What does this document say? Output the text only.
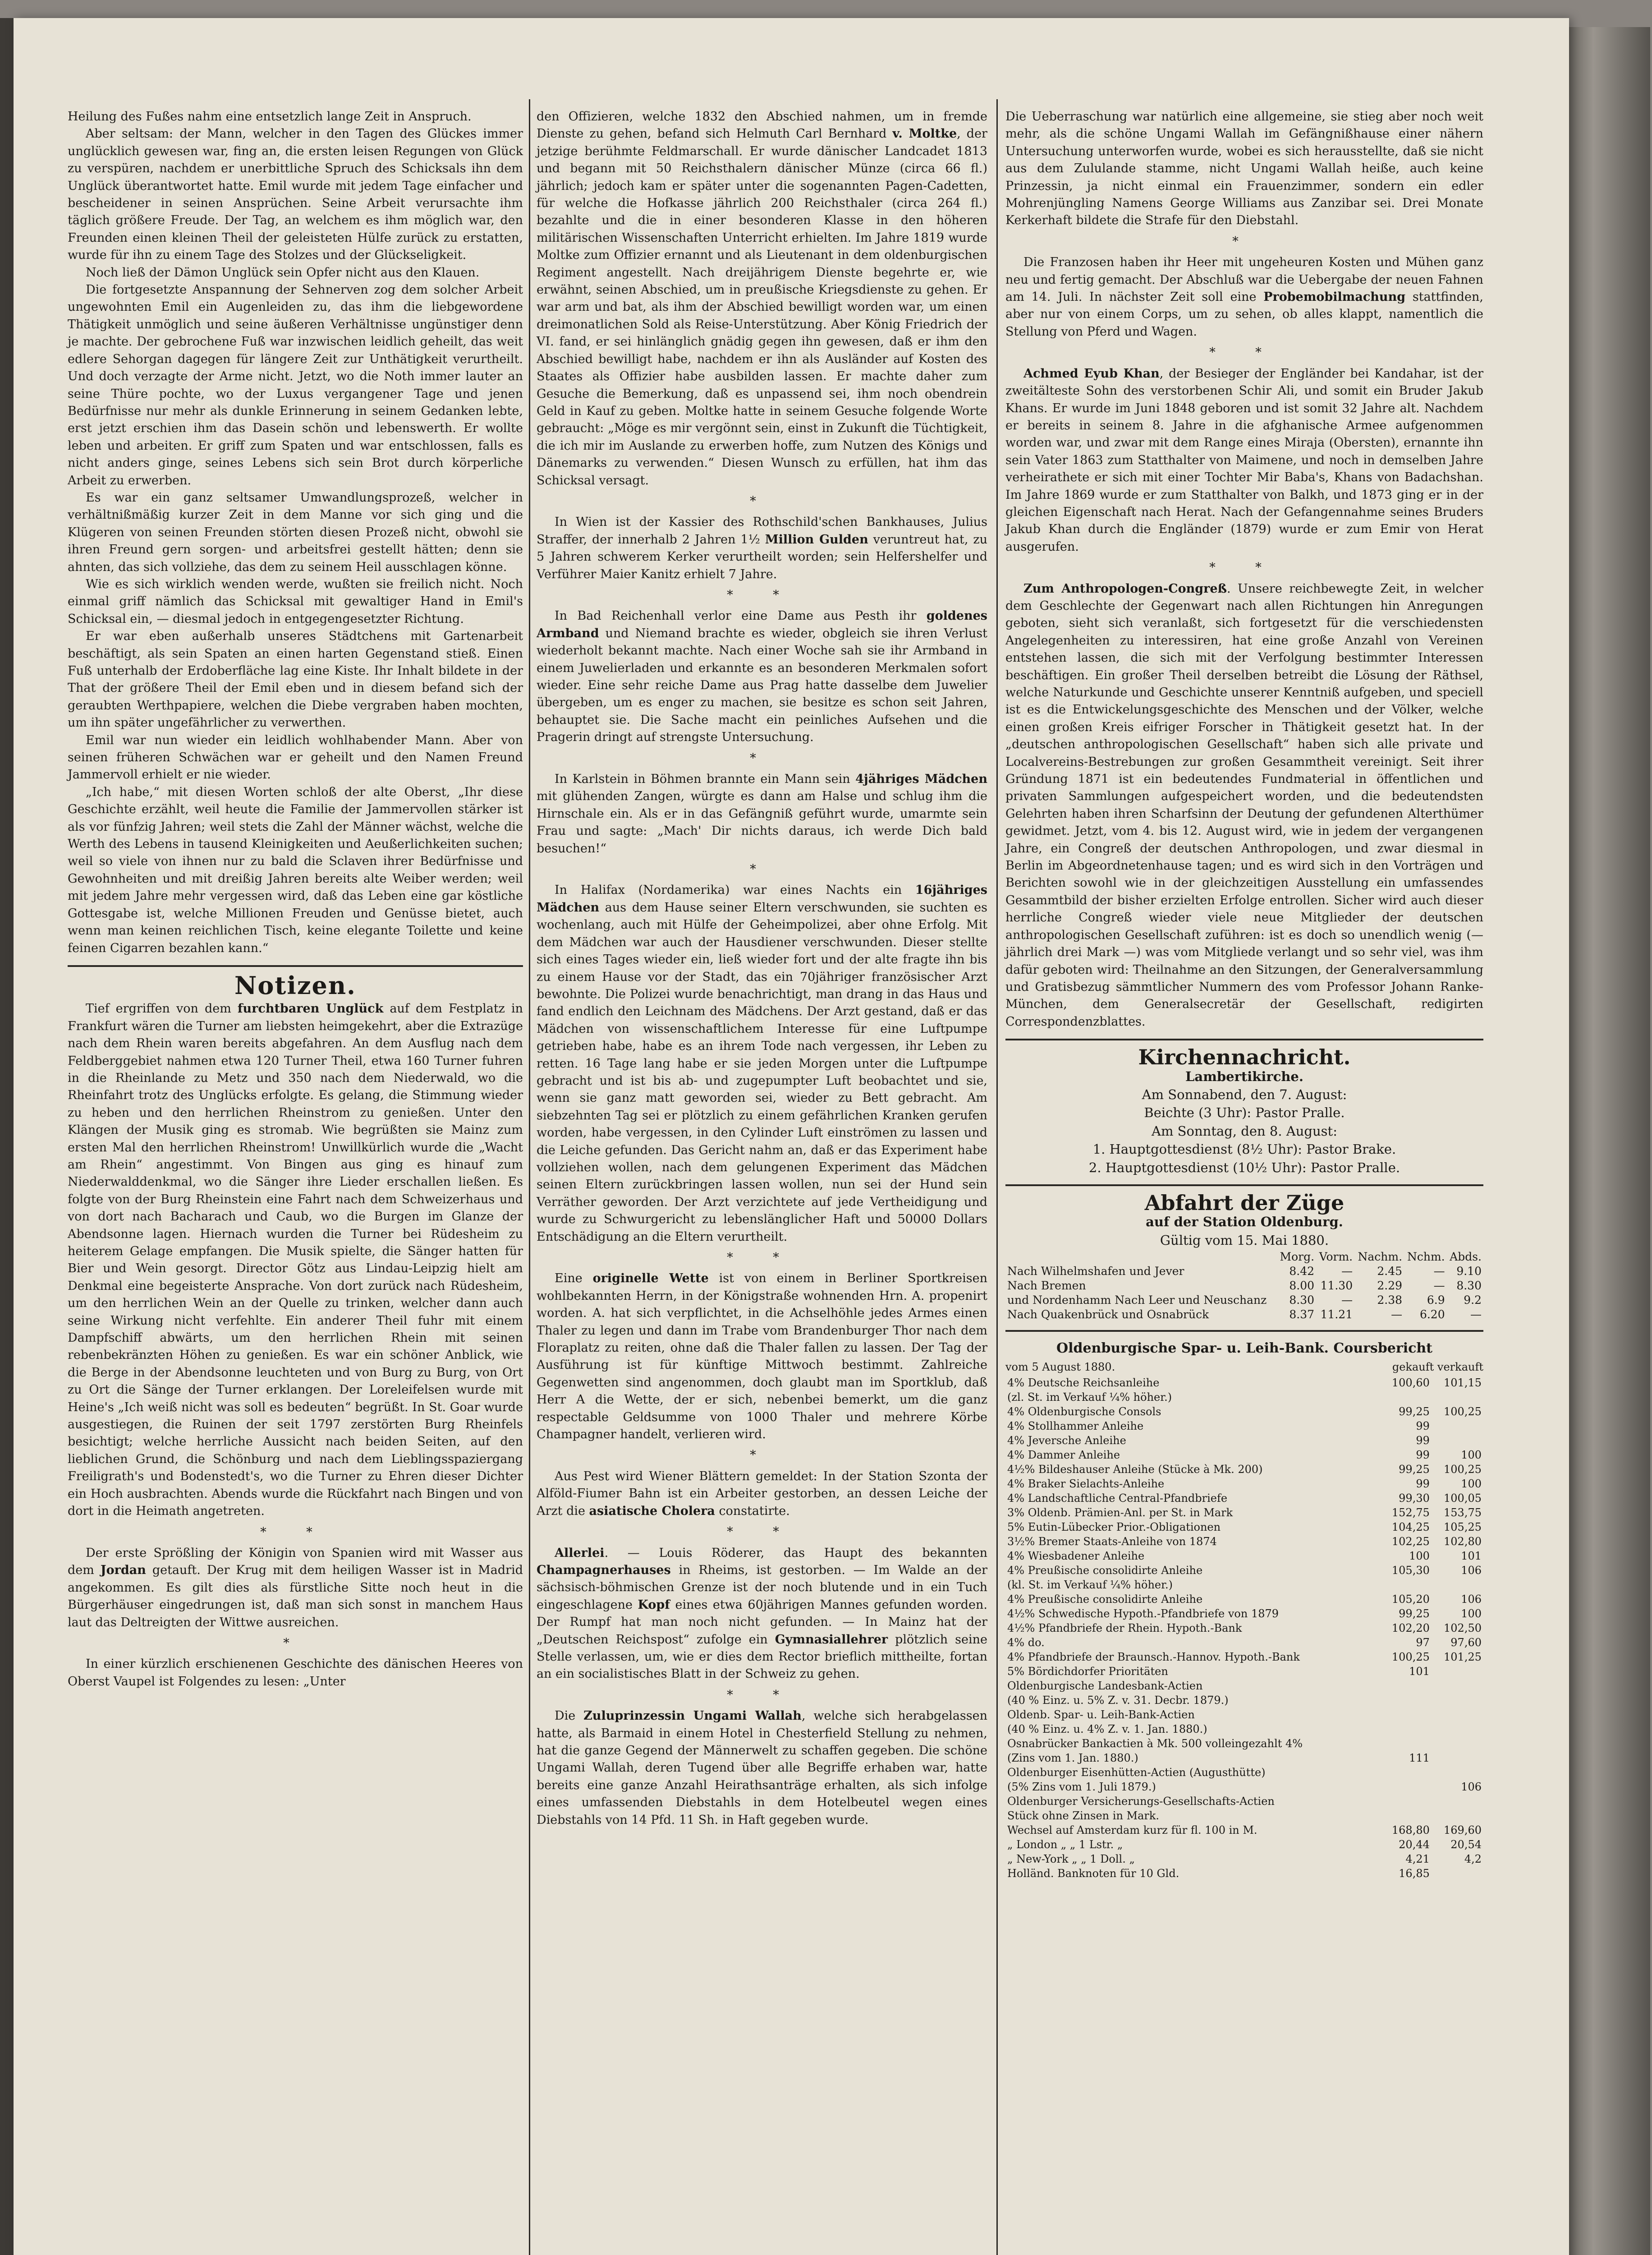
Heilung des Fußes nahm eine entsetzlich lange Zeit in Anspruch.

Aber seltsam: der Mann, welcher in den Tagen des Glückes immer unglücklich gewesen war, fing an, die ersten leisen Regungen von Glück zu verspüren, nachdem er unerbittliche Spruch des Schicksals ihn dem Unglück überantwortet hatte. Emil wurde mit jedem Tage einfacher und bescheidener in seinen Ansprüchen. Seine Arbeit verursachte ihm täglich größere Freude. Der Tag, an welchem es ihm möglich war, den Freunden einen kleinen Theil der geleisteten Hülfe zurück zu erstatten, wurde für ihn zu einem Tage des Stolzes und der Glückseligkeit.

Noch ließ der Dämon Unglück sein Opfer nicht aus den Klauen.

Die fortgesetzte Anspannung der Sehnerven zog dem solcher Arbeit ungewohnten Emil ein Augenleiden zu, das ihm die liebgewordene Thätigkeit unmöglich und seine äußeren Verhältnisse ungünstiger denn je machte. Der gebrochene Fuß war inzwischen leidlich geheilt, das weit edlere Sehorgan dagegen für längere Zeit zur Unthätigkeit verurtheilt. Und doch verzagte der Arme nicht. Jetzt, wo die Noth immer lauter an seine Thüre pochte, wo der Luxus vergangener Tage und jenen Bedürfnisse nur mehr als dunkle Erinnerung in seinem Gedanken lebte, erst jetzt erschien ihm das Dasein schön und lebenswerth. Er wollte leben und arbeiten. Er griff zum Spaten und war entschlossen, falls es nicht anders ginge, seines Lebens sich sein Brot durch körperliche Arbeit zu erwerben.

Es war ein ganz seltsamer Umwandlungsprozeß, welcher in verhältnißmäßig kurzer Zeit in dem Manne vor sich ging und die Klügeren von seinen Freunden störten diesen Prozeß nicht, obwohl sie ihren Freund gern sorgen- und arbeitsfrei gestellt hätten; denn sie ahnten, das sich vollziehe, das dem zu seinem Heil ausschlagen könne.

Wie es sich wirklich wenden werde, wußten sie freilich nicht. Noch einmal griff nämlich das Schicksal mit gewaltiger Hand in Emil's Schicksal ein, — diesmal jedoch in entgegengesetzter Richtung.

Er war eben außerhalb unseres Städtchens mit Gartenarbeit beschäftigt, als sein Spaten an einen harten Gegenstand stieß. Einen Fuß unterhalb der Erdoberfläche lag eine Kiste. Ihr Inhalt bildete in der That der größere Theil der Emil eben und in diesem befand sich der geraubten Werthpapiere, welchen die Diebe vergraben haben mochten, um ihn später ungefährlicher zu verwerthen.

Emil war nun wieder ein leidlich wohlhabender Mann. Aber von seinen früheren Schwächen war er geheilt und den Namen Freund Jammervoll erhielt er nie wieder.

„Ich habe,“ mit diesen Worten schloß der alte Oberst, „Ihr diese Geschichte erzählt, weil heute die Familie der Jammervollen stärker ist als vor fünfzig Jahren; weil stets die Zahl der Männer wächst, welche die Werth des Lebens in tausend Kleinigkeiten und Aeußerlichkeiten suchen; weil so viele von ihnen nur zu bald die Sclaven ihrer Bedürfnisse und Gewohnheiten und mit dreißig Jahren bereits alte Weiber werden; weil mit jedem Jahre mehr vergessen wird, daß das Leben eine gar köstliche Gottesgabe ist, welche Millionen Freuden und Genüsse bietet, auch wenn man keinen reichlichen Tisch, keine elegante Toilette und keine feinen Cigarren bezahlen kann.“

Notizen.

Tief ergriffen von dem furchtbaren Unglück auf dem Festplatz in Frankfurt wären die Turner am liebsten heimgekehrt, aber die Extrazüge nach dem Rhein waren bereits abgefahren. An dem Ausflug nach dem Feldberggebiet nahmen etwa 120 Turner Theil, etwa 160 Turner fuhren in die Rheinlande zu Metz und 350 nach dem Niederwald, wo die Rheinfahrt trotz des Unglücks erfolgte. Es gelang, die Stimmung wieder zu heben und den herrlichen Rheinstrom zu genießen. Unter den Klängen der Musik ging es stromab. Wie begrüßten sie Mainz zum ersten Mal den herrlichen Rheinstrom! Unwillkürlich wurde die „Wacht am Rhein“ angestimmt. Von Bingen aus ging es hinauf zum Niederwalddenkmal, wo die Sänger ihre Lieder erschallen ließen. Es folgte von der Burg Rheinstein eine Fahrt nach dem Schweizerhaus und von dort nach Bacharach und Caub, wo die Burgen im Glanze der Abendsonne lagen. Hiernach wurden die Turner bei Rüdesheim zu heiterem Gelage empfangen. Die Musik spielte, die Sänger hatten für Bier und Wein gesorgt. Director Götz aus Lindau-Leipzig hielt am Denkmal eine begeisterte Ansprache. Von dort zurück nach Rüdesheim, um den herrlichen Wein an der Quelle zu trinken, welcher dann auch seine Wirkung nicht verfehlte. Ein anderer Theil fuhr mit einem Dampfschiff abwärts, um den herrlichen Rhein mit seinen rebenbekränzten Höhen zu genießen. Es war ein schöner Anblick, wie die Berge in der Abendsonne leuchteten und von Burg zu Burg, von Ort zu Ort die Sänge der Turner erklangen. Der Loreleifelsen wurde mit Heine's „Ich weiß nicht was soll es bedeuten“ begrüßt. In St. Goar wurde ausgestiegen, die Ruinen der seit 1797 zerstörten Burg Rheinfels besichtigt; welche herrliche Aussicht nach beiden Seiten, auf den lieblichen Grund, die Schönburg und nach dem Lieblingsspaziergang Freiligrath's und Bodenstedt's, wo die Turner zu Ehren dieser Dichter ein Hoch ausbrachten. Abends wurde die Rückfahrt nach Bingen und von dort in die Heimath angetreten.

* *

Der erste Sprößling der Königin von Spanien wird mit Wasser aus dem Jordan getauft. Der Krug mit dem heiligen Wasser ist in Madrid angekommen. Es gilt dies als fürstliche Sitte noch heut in die Bürgerhäuser eingedrungen ist, daß man sich sonst in manchem Haus laut das Deltreigten der Wittwe ausreichen.

*

In einer kürzlich erschienenen Geschichte des dänischen Heeres von Oberst Vaupel ist Folgendes zu lesen: „Unter

den Offizieren, welche 1832 den Abschied nahmen, um in fremde Dienste zu gehen, befand sich Helmuth Carl Bernhard v. Moltke, der jetzige berühmte Feldmarschall. Er wurde dänischer Landcadet 1813 und begann mit 50 Reichsthalern dänischer Münze (circa 66 fl.) jährlich; jedoch kam er später unter die sogenannten Pagen-Cadetten, für welche die Hofkasse jährlich 200 Reichsthaler (circa 264 fl.) bezahlte und die in einer besonderen Klasse in den höheren militärischen Wissenschaften Unterricht erhielten. Im Jahre 1819 wurde Moltke zum Offizier ernannt und als Lieutenant in dem oldenburgischen Regiment angestellt. Nach dreijährigem Dienste begehrte er, wie erwähnt, seinen Abschied, um in preußische Kriegsdienste zu gehen. Er war arm und bat, als ihm der Abschied bewilligt worden war, um einen dreimonatlichen Sold als Reise-Unterstützung. Aber König Friedrich der VI. fand, er sei hinlänglich gnädig gegen ihn gewesen, daß er ihm den Abschied bewilligt habe, nachdem er ihn als Ausländer auf Kosten des Staates als Offizier habe ausbilden lassen. Er machte daher zum Gesuche die Bemerkung, daß es unpassend sei, ihm noch obendrein Geld in Kauf zu geben. Moltke hatte in seinem Gesuche folgende Worte gebraucht: „Möge es mir vergönnt sein, einst in Zukunft die Tüchtigkeit, die ich mir im Auslande zu erwerben hoffe, zum Nutzen des Königs und Dänemarks zu verwenden.“ Diesen Wunsch zu erfüllen, hat ihm das Schicksal versagt.

*

In Wien ist der Kassier des Rothschild'schen Bankhauses, Julius Straffer, der innerhalb 2 Jahren 1½ Million Gulden veruntreut hat, zu 5 Jahren schwerem Kerker verurtheilt worden; sein Helfershelfer und Verführer Maier Kanitz erhielt 7 Jahre.

* *

In Bad Reichenhall verlor eine Dame aus Pesth ihr goldenes Armband und Niemand brachte es wieder, obgleich sie ihren Verlust wiederholt bekannt machte. Nach einer Woche sah sie ihr Armband in einem Juwelierladen und erkannte es an besonderen Merkmalen sofort wieder. Eine sehr reiche Dame aus Prag hatte dasselbe dem Juwelier übergeben, um es enger zu machen, sie besitze es schon seit Jahren, behauptet sie. Die Sache macht ein peinliches Aufsehen und die Pragerin dringt auf strengste Untersuchung.

*

In Karlstein in Böhmen brannte ein Mann sein 4jähriges Mädchen mit glühenden Zangen, würgte es dann am Halse und schlug ihm die Hirnschale ein. Als er in das Gefängniß geführt wurde, umarmte sein Frau und sagte: „Mach' Dir nichts daraus, ich werde Dich bald besuchen!“

*

In Halifax (Nordamerika) war eines Nachts ein 16jähriges Mädchen aus dem Hause seiner Eltern verschwunden, sie suchten es wochenlang, auch mit Hülfe der Geheimpolizei, aber ohne Erfolg. Mit dem Mädchen war auch der Hausdiener verschwunden. Dieser stellte sich eines Tages wieder ein, ließ wieder fort und der alte fragte ihn bis zu einem Hause vor der Stadt, das ein 70jähriger französischer Arzt bewohnte. Die Polizei wurde benachrichtigt, man drang in das Haus und fand endlich den Leichnam des Mädchens. Der Arzt gestand, daß er das Mädchen von wissenschaftlichem Interesse für eine Luftpumpe getrieben habe, habe es an ihrem Tode nach vergessen, ihr Leben zu retten. 16 Tage lang habe er sie jeden Morgen unter die Luftpumpe gebracht und ist bis ab- und zugepumpter Luft beobachtet und sie, wenn sie ganz matt geworden sei, wieder zu Bett gebracht. Am siebzehnten Tag sei er plötzlich zu einem gefährlichen Kranken gerufen worden, habe vergessen, in den Cylinder Luft einströmen zu lassen und die Leiche gefunden. Das Gericht nahm an, daß er das Experiment habe vollziehen wollen, nach dem gelungenen Experiment das Mädchen seinen Eltern zurückbringen lassen wollen, nun sei der Hund sein Verräther geworden. Der Arzt verzichtete auf jede Vertheidigung und wurde zu Schwurgericht zu lebenslänglicher Haft und 50000 Dollars Entschädigung an die Eltern verurtheilt.

* *

Eine originelle Wette ist von einem in Berliner Sportkreisen wohlbekannten Herrn, in der Königstraße wohnenden Hrn. A. propenirt worden. A. hat sich verpflichtet, in die Achselhöhle jedes Armes einen Thaler zu legen und dann im Trabe vom Brandenburger Thor nach dem Floraplatz zu reiten, ohne daß die Thaler fallen zu lassen. Der Tag der Ausführung ist für künftige Mittwoch bestimmt. Zahlreiche Gegenwetten sind angenommen, doch glaubt man im Sportklub, daß Herr A die Wette, der er sich, nebenbei bemerkt, um die ganz respectable Geldsumme von 1000 Thaler und mehrere Körbe Champagner handelt, verlieren wird.

*

Aus Pest wird Wiener Blättern gemeldet: In der Station Szonta der Alföld-Fiumer Bahn ist ein Arbeiter gestorben, an dessen Leiche der Arzt die asiatische Cholera constatirte.

* *

Allerlei. — Louis Röderer, das Haupt des bekannten Champagnerhauses in Rheims, ist gestorben. — Im Walde an der sächsisch-böhmischen Grenze ist der noch blutende und in ein Tuch eingeschlagene Kopf eines etwa 60jährigen Mannes gefunden worden. Der Rumpf hat man noch nicht gefunden. — In Mainz hat der „Deutschen Reichspost“ zufolge ein Gymnasiallehrer plötzlich seine Stelle verlassen, um, wie er dies dem Rector brieflich mittheilte, fortan an ein socialistisches Blatt in der Schweiz zu gehen.

* *

Die Zuluprinzessin Ungami Wallah, welche sich herabgelassen hatte, als Barmaid in einem Hotel in Chesterfield Stellung zu nehmen, hat die ganze Gegend der Männerwelt zu schaffen gegeben. Die schöne Ungami Wallah, deren Tugend über alle Begriffe erhaben war, hatte bereits eine ganze Anzahl Heirathsanträge erhalten, als sich infolge eines umfassenden Diebstahls in dem Hotelbeutel wegen eines Diebstahls von 14 Pfd. 11 Sh. in Haft gegeben wurde.

Die Ueberraschung war natürlich eine allgemeine, sie stieg aber noch weit mehr, als die schöne Ungami Wallah im Gefängnißhause einer nähern Untersuchung unterworfen wurde, wobei es sich herausstellte, daß sie nicht aus dem Zululande stamme, nicht Ungami Wallah heiße, auch keine Prinzessin, ja nicht einmal ein Frauenzimmer, sondern ein edler Mohrenjüngling Namens George Williams aus Zanzibar sei. Drei Monate Kerkerhaft bildete die Strafe für den Diebstahl.

*

Die Franzosen haben ihr Heer mit ungeheuren Kosten und Mühen ganz neu und fertig gemacht. Der Abschluß war die Uebergabe der neuen Fahnen am 14. Juli. In nächster Zeit soll eine Probemobilmachung stattfinden, aber nur von einem Corps, um zu sehen, ob alles klappt, namentlich die Stellung von Pferd und Wagen.

* *

Achmed Eyub Khan, der Besieger der Engländer bei Kandahar, ist der zweitälteste Sohn des verstorbenen Schir Ali, und somit ein Bruder Jakub Khans. Er wurde im Juni 1848 geboren und ist somit 32 Jahre alt. Nachdem er bereits in seinem 8. Jahre in die afghanische Armee aufgenommen worden war, und zwar mit dem Range eines Miraja (Obersten), ernannte ihn sein Vater 1863 zum Statthalter von Maimene, und noch in demselben Jahre verheirathete er sich mit einer Tochter Mir Baba's, Khans von Badachshan. Im Jahre 1869 wurde er zum Statthalter von Balkh, und 1873 ging er in der gleichen Eigenschaft nach Herat. Nach der Gefangennahme seines Bruders Jakub Khan durch die Engländer (1879) wurde er zum Emir von Herat ausgerufen.

* *

Zum Anthropologen-Congreß. Unsere reichbewegte Zeit, in welcher dem Geschlechte der Gegenwart nach allen Richtungen hin Anregungen geboten, sieht sich veranlaßt, sich fortgesetzt für die verschiedensten Angelegenheiten zu interessiren, hat eine große Anzahl von Vereinen entstehen lassen, die sich mit der Verfolgung bestimmter Interessen beschäftigen. Ein großer Theil derselben betreibt die Lösung der Räthsel, welche Naturkunde und Geschichte unserer Kenntniß aufgeben, und speciell ist es die Entwickelungsgeschichte des Menschen und der Völker, welche einen großen Kreis eifriger Forscher in Thätigkeit gesetzt hat. In der „deutschen anthropologischen Gesellschaft“ haben sich alle private und Localvereins-Bestrebungen zur großen Gesammtheit vereinigt. Seit ihrer Gründung 1871 ist ein bedeutendes Fundmaterial in öffentlichen und privaten Sammlungen aufgespeichert worden, und die bedeutendsten Gelehrten haben ihren Scharfsinn der Deutung der gefundenen Alterthümer gewidmet. Jetzt, vom 4. bis 12. August wird, wie in jedem der vergangenen Jahre, ein Congreß der deutschen Anthropologen, und zwar diesmal in Berlin im Abgeordnetenhause tagen; und es wird sich in den Vorträgen und Berichten sowohl wie in der gleichzeitigen Ausstellung ein umfassendes Gesammtbild der bisher erzielten Erfolge entrollen. Sicher wird auch dieser herrliche Congreß wieder viele neue Mitglieder der deutschen anthropologischen Gesellschaft zuführen: ist es doch so unendlich wenig (— jährlich drei Mark —) was vom Mitgliede verlangt und so sehr viel, was ihm dafür geboten wird: Theilnahme an den Sitzungen, der Generalversammlung und Gratisbezug sämmtlicher Nummern des vom Professor Johann Ranke-München, dem Generalsecretär der Gesellschaft, redigirten Correspondenzblattes.

Kirchennachricht.
Lambertikirche.
Am Sonnabend, den 7. August:
Beichte (3 Uhr): Pastor Pralle.
Am Sonntag, den 8. August:
1. Hauptgottesdienst (8½ Uhr): Pastor Brake.
2. Hauptgottesdienst (10½ Uhr): Pastor Pralle.
Abfahrt der Züge
auf der Station Oldenburg.
Gültig vom 15. Mai 1880.
	Morg.	Vorm.	Nachm.	Nchm.	Abds.
Nach Wilhelmshafen und Jever	8.42	—	2.45	—	9.10
Nach Bremen	8.00	11.30	2.29	—	8.30
und Nordenhamm Nach Leer und Neuschanz	8.30	—	2.38	6.9	9.2
Nach Quakenbrück und Osnabrück	8.37	11.21	—	6.20	—
Oldenburgische Spar- u. Leih-Bank. Coursbericht
vom 5 August 1880.	gekauft verkauft
4% Deutsche Reichsanleihe	100,60	101,15
(zl. St. im Verkauf ¼% höher.)		
4% Oldenburgische Consols	99,25	100,25
4% Stollhammer Anleihe	99	
4% Jeversche Anleihe	99	
4% Dammer Anleihe	99	100
4½% Bildeshauser Anleihe (Stücke à Mk. 200)	99,25	100,25
4% Braker Sielachts-Anleihe	99	100
4% Landschaftliche Central-Pfandbriefe	99,30	100,05
3% Oldenb. Prämien-Anl. per St. in Mark	152,75	153,75
5% Eutin-Lübecker Prior.-Obligationen	104,25	105,25
3½% Bremer Staats-Anleihe von 1874	102,25	102,80
4% Wiesbadener Anleihe	100	101
4% Preußische consolidirte Anleihe	105,30	106
(kl. St. im Verkauf ¼% höher.)		
4% Preußische consolidirte Anleihe	105,20	106
4½% Schwedische Hypoth.-Pfandbriefe von 1879	99,25	100
4½% Pfandbriefe der Rhein. Hypoth.-Bank	102,20	102,50
4% do.	97	97,60
4% Pfandbriefe der Braunsch.-Hannov. Hypoth.-Bank	100,25	101,25
5% Bördichdorfer Prioritäten	101	
Oldenburgische Landesbank-Actien		
(40 % Einz. u. 5% Z. v. 31. Decbr. 1879.)		
Oldenb. Spar- u. Leih-Bank-Actien		
(40 % Einz. u. 4% Z. v. 1. Jan. 1880.)		
Osnabrücker Bankactien à Mk. 500 volleingezahlt 4%		
(Zins vom 1. Jan. 1880.)	111	
Oldenburger Eisenhütten-Actien (Augusthütte)		
(5% Zins vom 1. Juli 1879.)		106
Oldenburger Versicherungs-Gesellschafts-Actien		
Stück ohne Zinsen in Mark.		
Wechsel auf Amsterdam kurz für fl. 100 in M.	168,80	169,60
„ London „ „ 1 Lstr. „	20,44	20,54
„ New-York „ „ 1 Doll. „	4,21	4,2
Holländ. Banknoten für 10 Gld.	16,85	
